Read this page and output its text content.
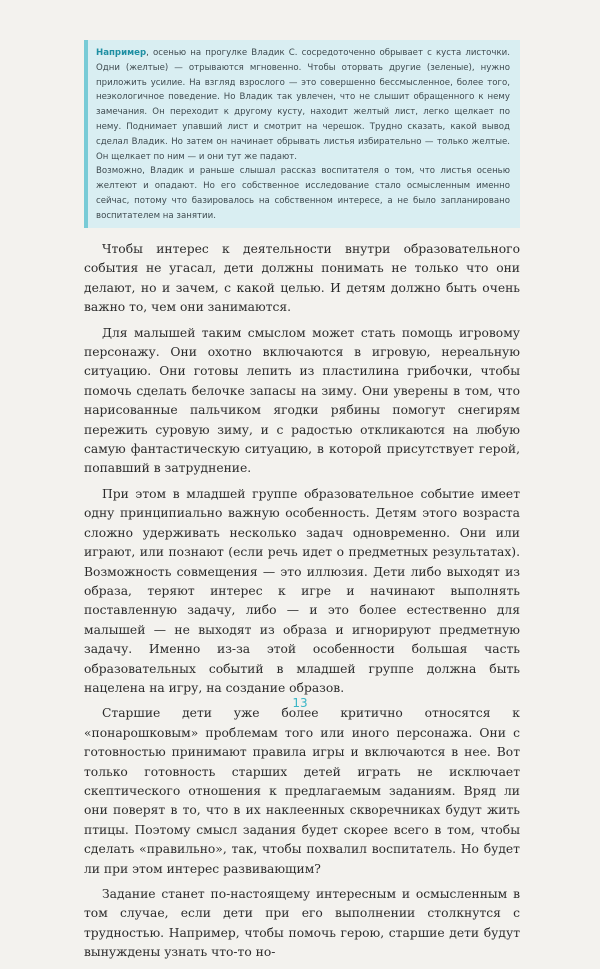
Например, осенью на прогулке Владик С. сосредоточенно обрывает с куста листочки. Одни (желтые) — отрываются мгновенно. Чтобы оторвать другие (зеленые), нужно приложить усилие. На взгляд взрослого — это совершенно бессмысленное, более того, неэкологичное поведение. Но Владик так увлечен, что не слышит обращенного к нему замечания. Он переходит к другому кусту, находит желтый лист, легко щелкает по нему. Поднимает упавший лист и смотрит на черешок. Трудно сказать, какой вывод сделал Владик. Но затем он начинает обрывать листья избирательно — только желтые. Он щелкает по ним — и они тут же падают.

Возможно, Владик и раньше слышал рассказ воспитателя о том, что листья осенью желтеют и опадают. Но его собственное исследование стало осмысленным именно сейчас, потому что базировалось на собственном интересе, а не было запланировано воспитателем на занятии.

Чтобы интерес к деятельности внутри образовательного события не угасал, дети должны понимать не только что они делают, но и зачем, с какой целью. И детям должно быть очень важно то, чем они занимаются.

Для малышей таким смыслом может стать помощь игровому персонажу. Они охотно включаются в игровую, нереальную ситуацию. Они готовы лепить из пластилина грибочки, чтобы помочь сделать белочке запасы на зиму. Они уверены в том, что нарисованные пальчиком ягодки рябины помогут снегирям пережить суровую зиму, и с радостью откликаются на любую самую фантастическую ситуацию, в которой присутствует герой, попавший в затруднение.

При этом в младшей группе образовательное событие имеет одну принципиально важную особенность. Детям этого возраста сложно удерживать несколько задач одновременно. Они или играют, или познают (если речь идет о предметных результатах). Возможность совмещения — это иллюзия. Дети либо выходят из образа, теряют интерес к игре и начинают выполнять поставленную задачу, либо — и это более естественно для малышей — не выходят из образа и игнорируют предметную задачу. Именно из-за этой особенности большая часть образовательных событий в младшей группе должна быть нацелена на игру, на создание образов.

Старшие дети уже более критично относятся к «понарошковым» проблемам того или иного персонажа. Они с готовностью принимают правила игры и включаются в нее. Вот только готовность старших детей играть не исключает скептического отношения к предлагаемым заданиям. Вряд ли они поверят в то, что в их наклеенных скворечниках будут жить птицы. Поэтому смысл задания будет скорее всего в том, чтобы сделать «правильно», так, чтобы похвалил воспитатель. Но будет ли при этом интерес развивающим?

Задание станет по-настоящему интересным и осмысленным в том случае, если дети при его выполнении столкнутся с трудностью. Например, чтобы помочь герою, старшие дети будут вынуждены узнать что-то но-

13
